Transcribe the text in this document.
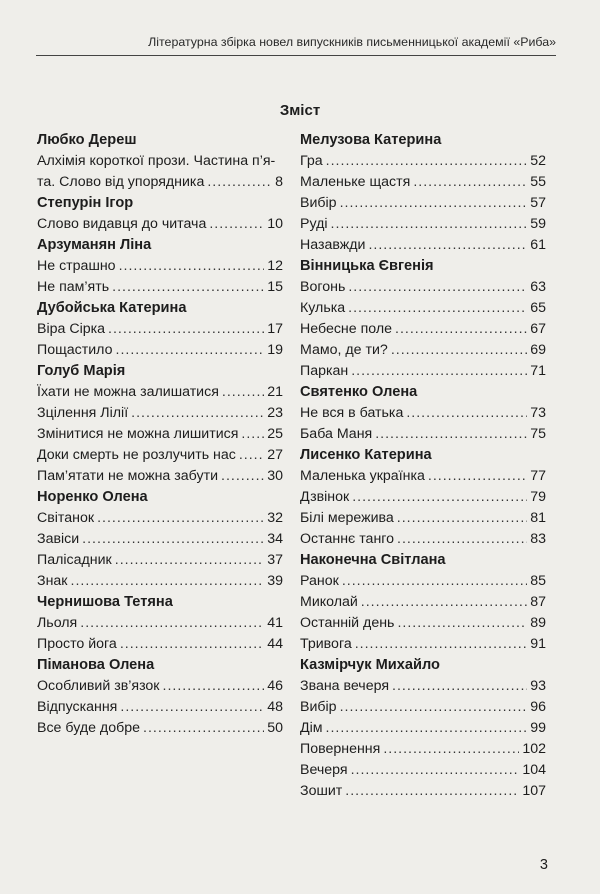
Літературна збірка новел випускників письменницької академії «Риба»
Зміст
Любко Дереш
Алхімія короткої прози. Частина п’я-
та. Слово від упорядника .....	8
Степурін Ігор
Слово видавця до читача .....	10
Арзуманян Ліна
Не страшно .....	12
Не пам’ять .....	15
Дубойська Катерина
Віра Сірка .....	17
Пощастило .....	19
Голуб Марія
Їхати не можна залишатися .....	21
Зцілення Лілії .....	23
Змінитися не можна лишитися ..... 25
Доки смерть не розлучить нас ..... 27
Пам’ятати не можна забути .....	30
Норенко Олена
Світанок .....	32
Завіси .....	34
Палісадник .....	37
Знак .....	39
Чернишова Тетяна
Льоля .....	41
Просто йога .....	44
Піманова Олена
Особливий зв’язок .....	46
Відпускання .....	48
Все буде добре .....	50
Мелузова Катерина
Гра .....	52
Маленьке щастя .....	55
Вибір .....	57
Руді .....	59
Назавжди .....	61
Вінницька Євгенія
Вогонь .....	63
Кулька .....	65
Небесне поле .....	67
Мамо, де ти? .....	69
Паркан .....	71
Святенко Олена
Не вся в батька .....	73
Баба Маня .....	75
Лисенко Катерина
Маленька українка .....	77
Дзвінок .....	79
Білі мережива .....	81
Останнє танго .....	83
Наконечна Світлана
Ранок .....	85
Миколай .....	87
Останній день .....	89
Тривога .....	91
Казмірчук Михайло
Звана вечеря .....	93
Вибір .....	96
Дім .....	99
Повернення .....	102
Вечеря .....	104
Зошит .....	107
3
